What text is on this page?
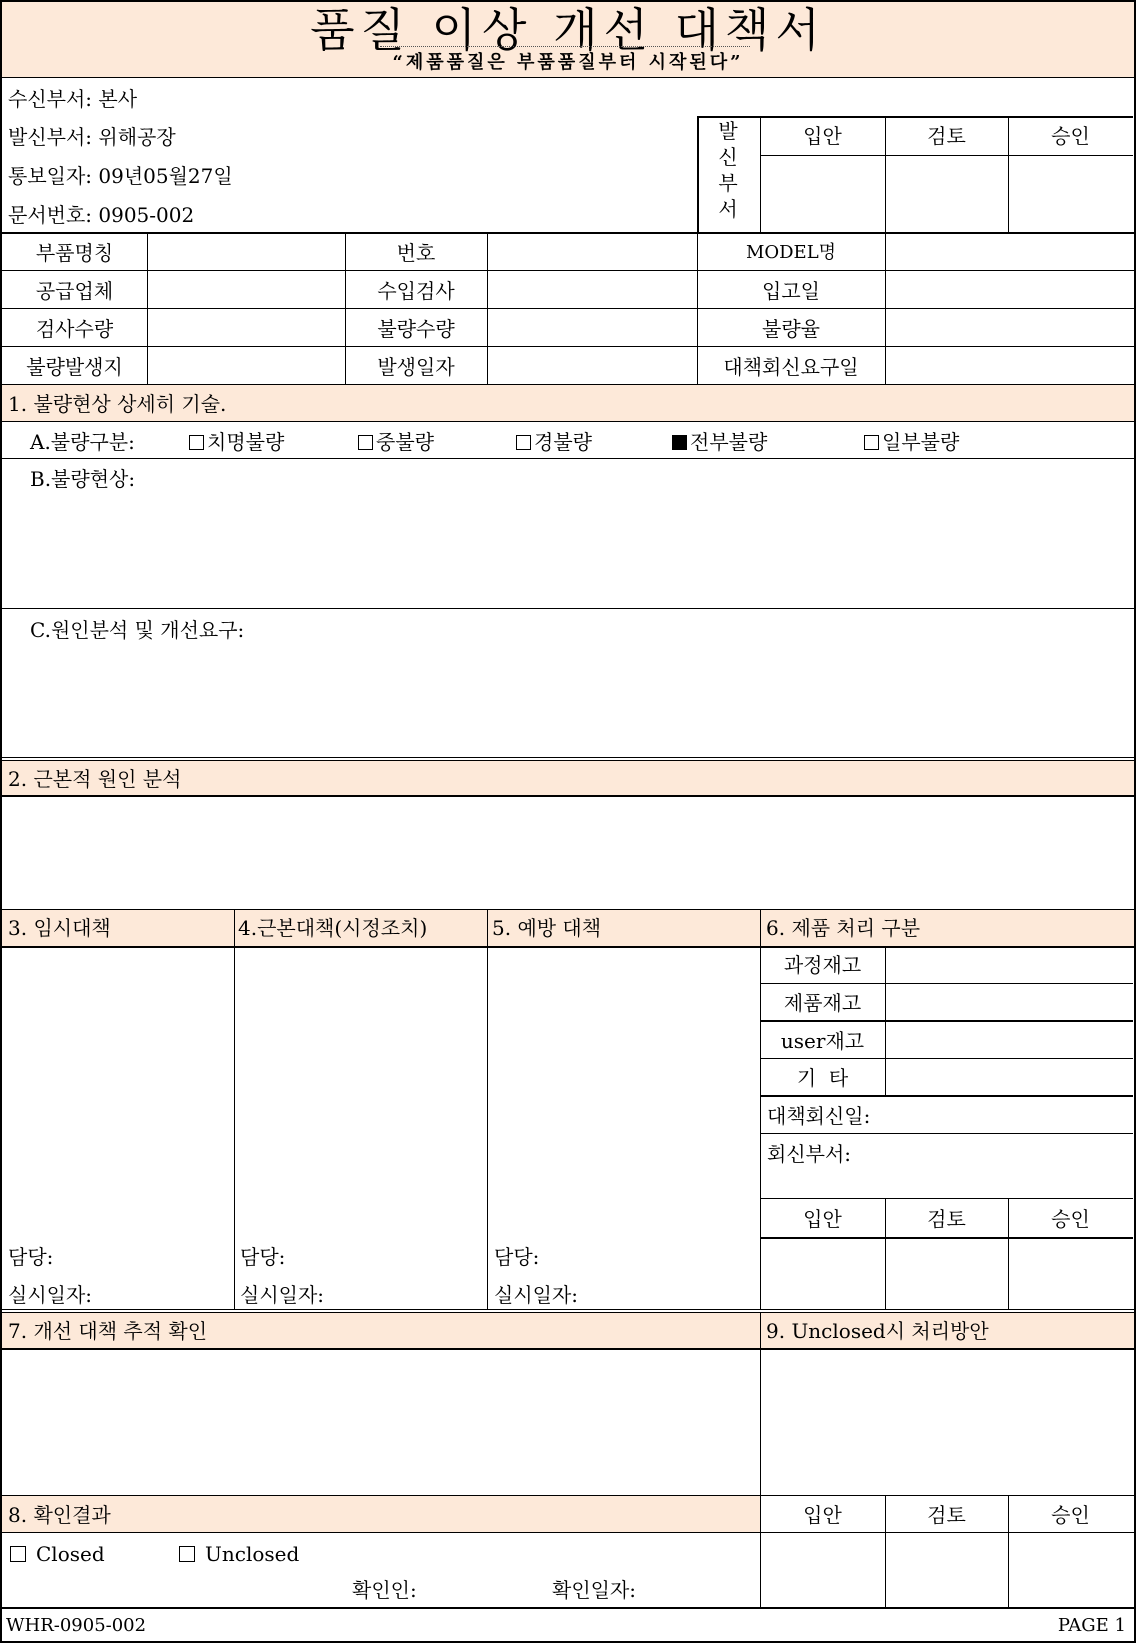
품질 이상 개선 대책서
“제품품질은 부품품질부터 시작된다”
수신부서: 본사
발신부서: 위해공장
통보일자: 09년05월27일
문서번호: 0905-002
발신부서
입안	검토	승인
부품명칭	번호	MODEL명
공급업체	수입검사	입고일
검사수량	불량수량	불량율
불량발생지	발생일자	대책회신요구일
1. 불량현상 상세히 기술.
A.불량구분:	치명불량	중불량	경불량	전부불량	일부불량
B.불량현상:
C.원인분석 및 개선요구:
2. 근본적 원인 분석
3. 임시대책	4.근본대책(시정조치)	5. 예방 대책	6. 제품 처리 구분
담당:
실시일자:
담당:
실시일자:
담당:
실시일자:
과정재고
제품재고
user재고
기  타
대책회신일:
회신부서:
입안	검토	승인
7. 개선 대책 추적 확인	9. Unclosed시 처리방안
8. 확인결과	입안	검토	승인
Closed	Unclosed
확인인:	확인일자:
WHR-0905-002	PAGE 1
